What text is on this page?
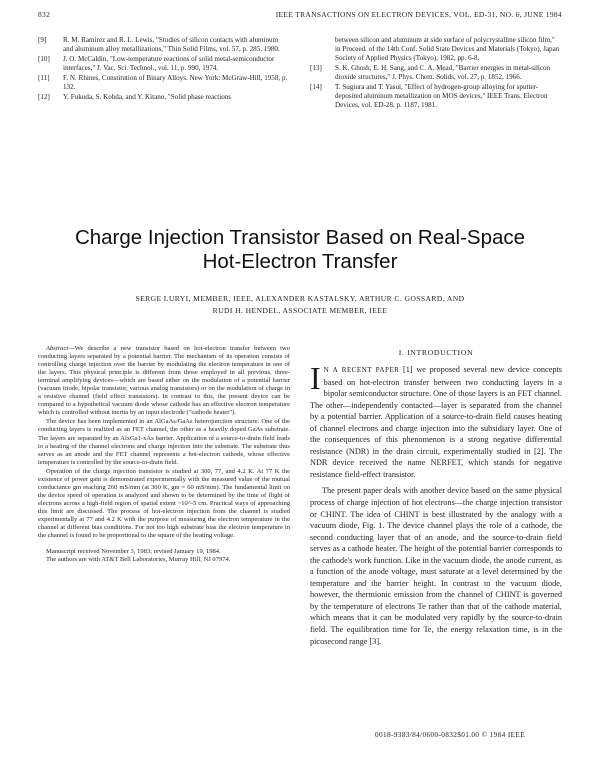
832	IEEE TRANSACTIONS ON ELECTRON DEVICES, VOL. ED-31, NO. 6, JUNE 1984
[9]	R. M. Ramirez and R. L. Lewis, "Studies of silicon contacts with aluminum and aluminum alloy metallizations," Thin Solid Films, vol. 57, p. 285, 1980.
[10]	J. O. McCaldin, "Low-temperature reactions of solid metal-semiconductor interfaces," J. Vac. Sci. Technol., vol. 11, p. 990, 1974.
[11]	F. N. Rhines, Constitution of Binary Alloys. New York: McGraw-Hill, 1958, p. 132.
[12]	Y. Fukuda, S. Kohda, and Y. Kitano, "Solid phase reactions
between silicon and aluminum at side surface of polycrystalline silicon film," in Proceed. of the 14th Conf. Solid State Devices and Materials (Tokyo), Japan Society of Applied Physics (Tokyo), 1982, pp. 6-8.
[13]	S. K. Ghosh, E. H. Sang, and C. A. Mead, "Barrier energies in metal-silicon dioxide structures," J. Phys. Chem. Solids, vol. 27, p. 1852, 1966.
[14]	T. Sugiura and T. Yasui, "Effect of hydrogen-group alloying for sputter-deposited aluminum metallization on MOS devices," IEEE Trans. Electron Devices, vol. ED-28, p. 1187, 1981.
Charge Injection Transistor Based on Real-Space
Hot-Electron Transfer
SERGE LURYI, MEMBER, IEEE, ALEXANDER KASTALSKY, ARTHUR C. GOSSARD, AND
RUDI H. HENDEL, ASSOCIATE MEMBER, IEEE

Abstract—We describe a new transistor based on hot-electron transfer between two conducting layers separated by a potential barrier. The mechanism of its operation consists of controlling charge injection over the barrier by modulating the electron temperature in one of the layers. This physical principle is different from those employed in all previous, three-terminal amplifying devices—which are based either on the modulation of a potential barrier (vacuum triode, bipolar transistor, various analog transistors) or on the modulation of charge in a resistive channel (field effect transistors). In contrast to this, the present device can be compared to a hypothetical vacuum diode whose cathode has an effective electron temperature which is controlled without inertia by an input electrode ("cathode heater").

The device has been implemented in an AlGaAs/GaAs heterojunction structure. One of the conducting layers is realized as an FET channel, the other as a heavily doped GaAs substrate. The layers are separated by an AlxGa1-xAs barrier. Application of a source-to-drain field leads to a heating of the channel electrons and charge injection into the substrate. The substrate thus serves as an anode and the FET channel represents a hot-electron cathode, whose effective temperature is controlled by the source-to-drain field.

Operation of the charge injection transistor is studied at 300, 77, and 4.2 K. At 77 K the existence of power gain is demonstrated experimentally with the measured value of the mutual conductance gm reaching 260 mS/mm (at 300 K, gm = 60 mS/mm). The fundamental limit on the device speed of operation is analyzed and shown to be determined by the time of flight of electrons across a high-field region of spatial extent ~10^-5 cm. Practical ways of approaching this limit are discussed. The process of hot-electron injection from the channel is studied experimentally at 77 and 4.2 K with the purpose of measuring the electron temperature in the channel at different bias conditions. For not too high substrate bias the electron temperature in the channel is found to be proportional to the square of the heating voltage.

Manuscript received November 3, 1983; revised January 19, 1984.

The authors are with AT&T Bell Laboratories, Murray Hill, NJ 07974.

I. INTRODUCTION

I N A RECENT PAPER [1] we proposed several new device concepts based on hot-electron transfer between two conducting layers in a bipolar semiconductor structure. One of those layers is an FET channel. The other—independently contacted—layer is separated from the channel by a potential barrier. Application of a source-to-drain field causes heating of channel electrons and charge injection into the subsidiary layer. One of the consequences of this phenomenon is a strong negative differential resistance (NDR) in the drain circuit, experimentally studied in [2]. The NDR device received the name NERFET, which stands for negative resistance field-effect transistor.

The present paper deals with another device based on the same physical process of charge injection of hot electrons—the charge injection transistor or CHINT. The idea of CHINT is best illustrated by the analogy with a vacuum diode, Fig. 1. The device channel plays the role of a cathode, the second conducting layer that of an anode, and the source-to-drain field serves as a cathode heater. The height of the potential barrier corresponds to the cathode's work function. Like in the vacuum diode, the anode current, as a function of the anode voltage, must saturate at a level determined by the temperature and the barrier height. In contrast to the vacuum diode, however, the thermionic emission from the channel of CHINT is governed by the temperature of electrons Te rather than that of the cathode material, which means that it can be modulated very rapidly by the source-to-drain field. The equilibration time for Te, the energy relaxation time, is in the picosecond range [3].

0018-9383/84/0600-0832$01.00 © 1984 IEEE
